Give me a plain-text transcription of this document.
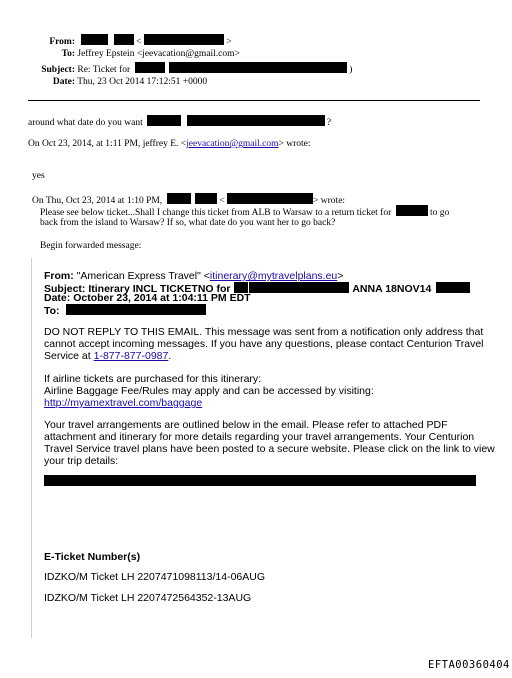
From:	<	>
To: Jeffrey Epstein <jeevacation@gmail.com>
Subject: Re: Ticket for	)
Date: Thu, 23 Oct 2014 17:12:51 +0000
around what date do you want	?
On Oct 23, 2014, at 1:11 PM, jeffrey E. <jeevacation@gmail.com> wrote:
yes
On Thu, Oct 23, 2014 at 1:10 PM,	<	> wrote:
Please see below ticket...Shall I change this ticket from ALB to Warsaw to a return ticket for	to go
back from the island to Warsaw? If so, what date do you want her to go back?
Begin forwarded message:
From: "American Express Travel" <itinerary@mytravelplans.eu>
Subject: Itinerary INCL TICKETNO for	ANNA 18NOV14
Date: October 23, 2014 at 1:04:11 PM EDT
To:
DO NOT REPLY TO THIS EMAIL. This message was sent from a notification only address that
cannot accept incoming messages. If you have any questions, please contact Centurion Travel
Service at 1-877-877-0987.
If airline tickets are purchased for this itinerary:
Airline Baggage Fee/Rules may apply and can be accessed by visiting:
http://myamextravel.com/baggage
Your travel arrangements are outlined below in the email. Please refer to attached PDF
attachment and itinerary for more details regarding your travel arrangements. Your Centurion
Travel Service travel plans have been posted to a secure website. Please click on the link to view
your trip details:
E-Ticket Number(s)
IDZKO/M Ticket LH 2207471098113/14-06AUG
IDZKO/M Ticket LH 2207472564352-13AUG
EFTA00360404
